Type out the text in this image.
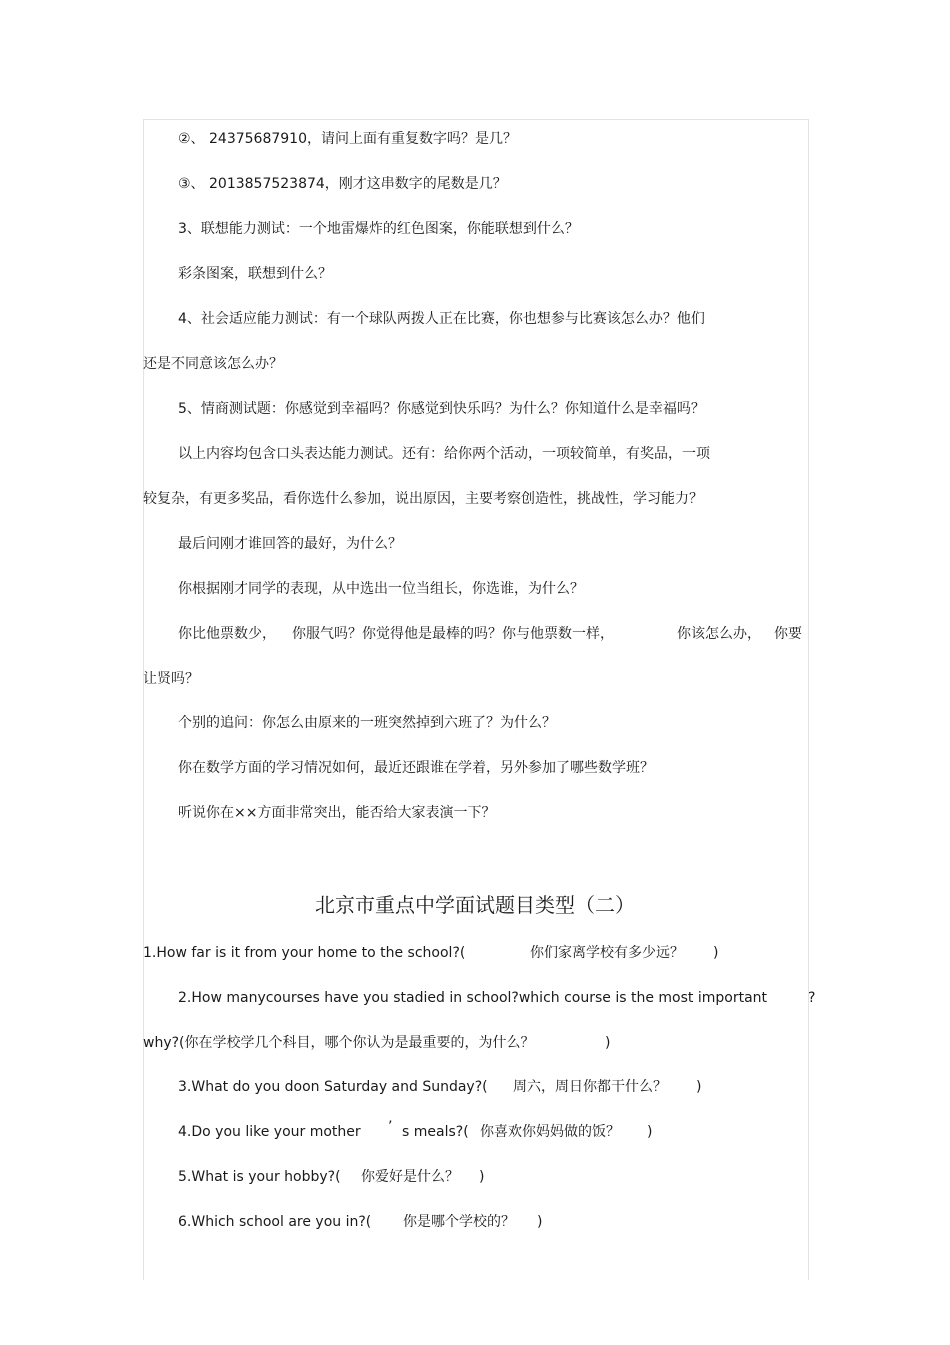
②、 24375687910，请问上面有重复数字吗？是几？
③、 2013857523874，刚才这串数字的尾数是几？
3、联想能力测试：一个地雷爆炸的红色图案，你能联想到什么？
彩条图案，联想到什么？
4、社会适应能力测试：有一个球队两拨人正在比赛，你也想参与比赛该怎么办？他们
还是不同意该怎么办？
5、情商测试题：你感觉到幸福吗？你感觉到快乐吗？为什么？你知道什么是幸福吗？
以上内容均包含口头表达能力测试。还有：给你两个活动，一项较简单，有奖品，一项
较复杂，有更多奖品，看你选什么参加，说出原因，主要考察创造性，挑战性，学习能力？
最后问刚才谁回答的最好，为什么？
你根据刚才同学的表现，从中选出一位当组长，你选谁，为什么？
你比他票数少， 你服气吗？你觉得他是最棒的吗？你与他票数一样，	你该怎么办， 你要
让贤吗？
个别的追问：你怎么由原来的一班突然掉到六班了？为什么？
你在数学方面的学习情况如何，最近还跟谁在学着，另外参加了哪些数学班？
听说你在××方面非常突出，能否给大家表演一下？
北京市重点中学面试题目类型（二）
1.How far is it from your home to the school?(	你们家离学校有多少远？ )
2.How manycourses have you stadied in school?which course is the most important	?
why?(你在学校学几个科目，哪个你认为是最重要的，为什么？	)
3.What do you doon Saturday and Sunday?( 周六，周日你都干什么？ )
4.Do you like your mother ’ s meals?( 你喜欢你妈妈做的饭？ )
5.What is your hobby?( 你爱好是什么？ )
6.Which school are you in?( 你是哪个学校的？ )
